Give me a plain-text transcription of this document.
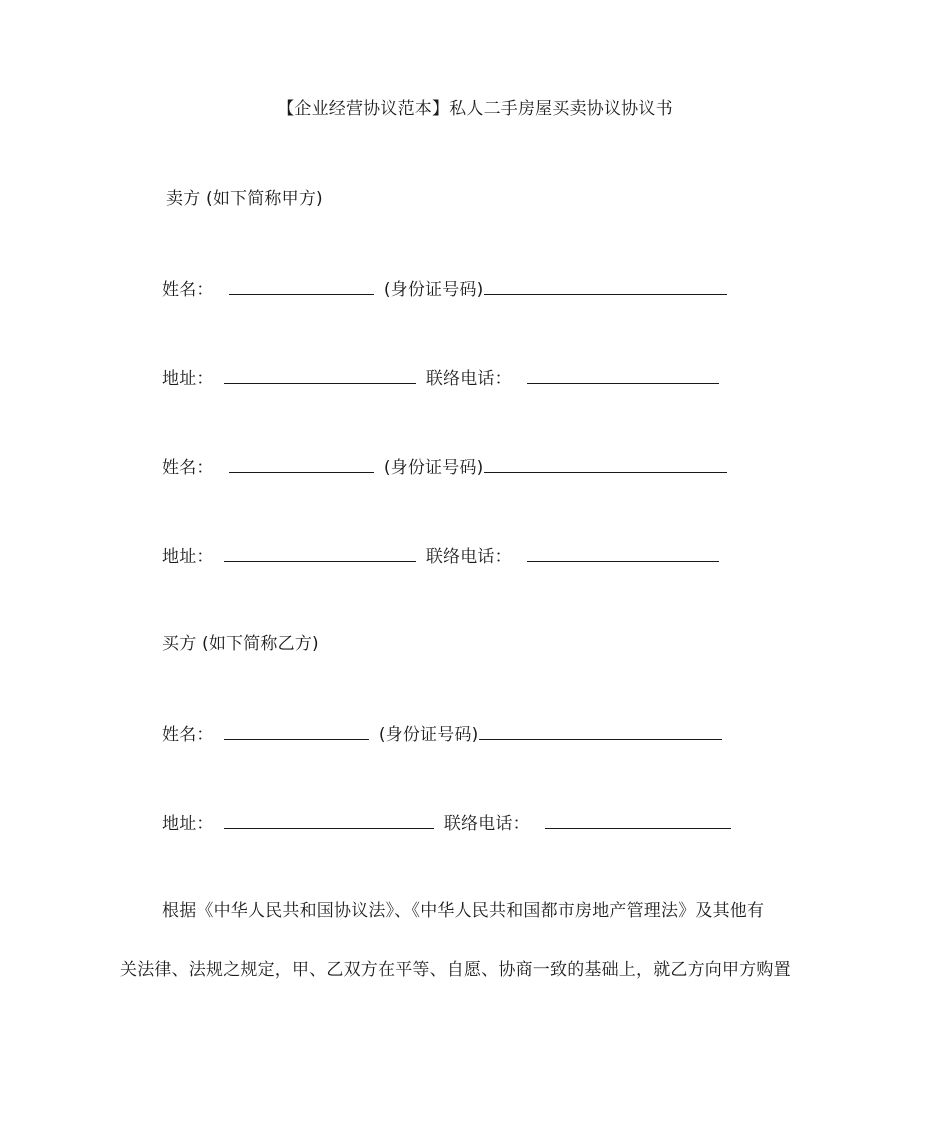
【企业经营协议范本】私人二手房屋买卖协议协议书
卖方 (如下简称甲方)
姓名：	(身份证号码)
地址：	联络电话：
姓名：	(身份证号码)
地址：	联络电话：
买方 (如下简称乙方)
姓名：	(身份证号码)
地址：	联络电话：
根据《中华人民共和国协议法》、《中华人民共和国都市房地产管理法》及其他有
关法律、法规之规定，甲、乙双方在平等、自愿、协商一致的基础上，就乙方向甲方购置
